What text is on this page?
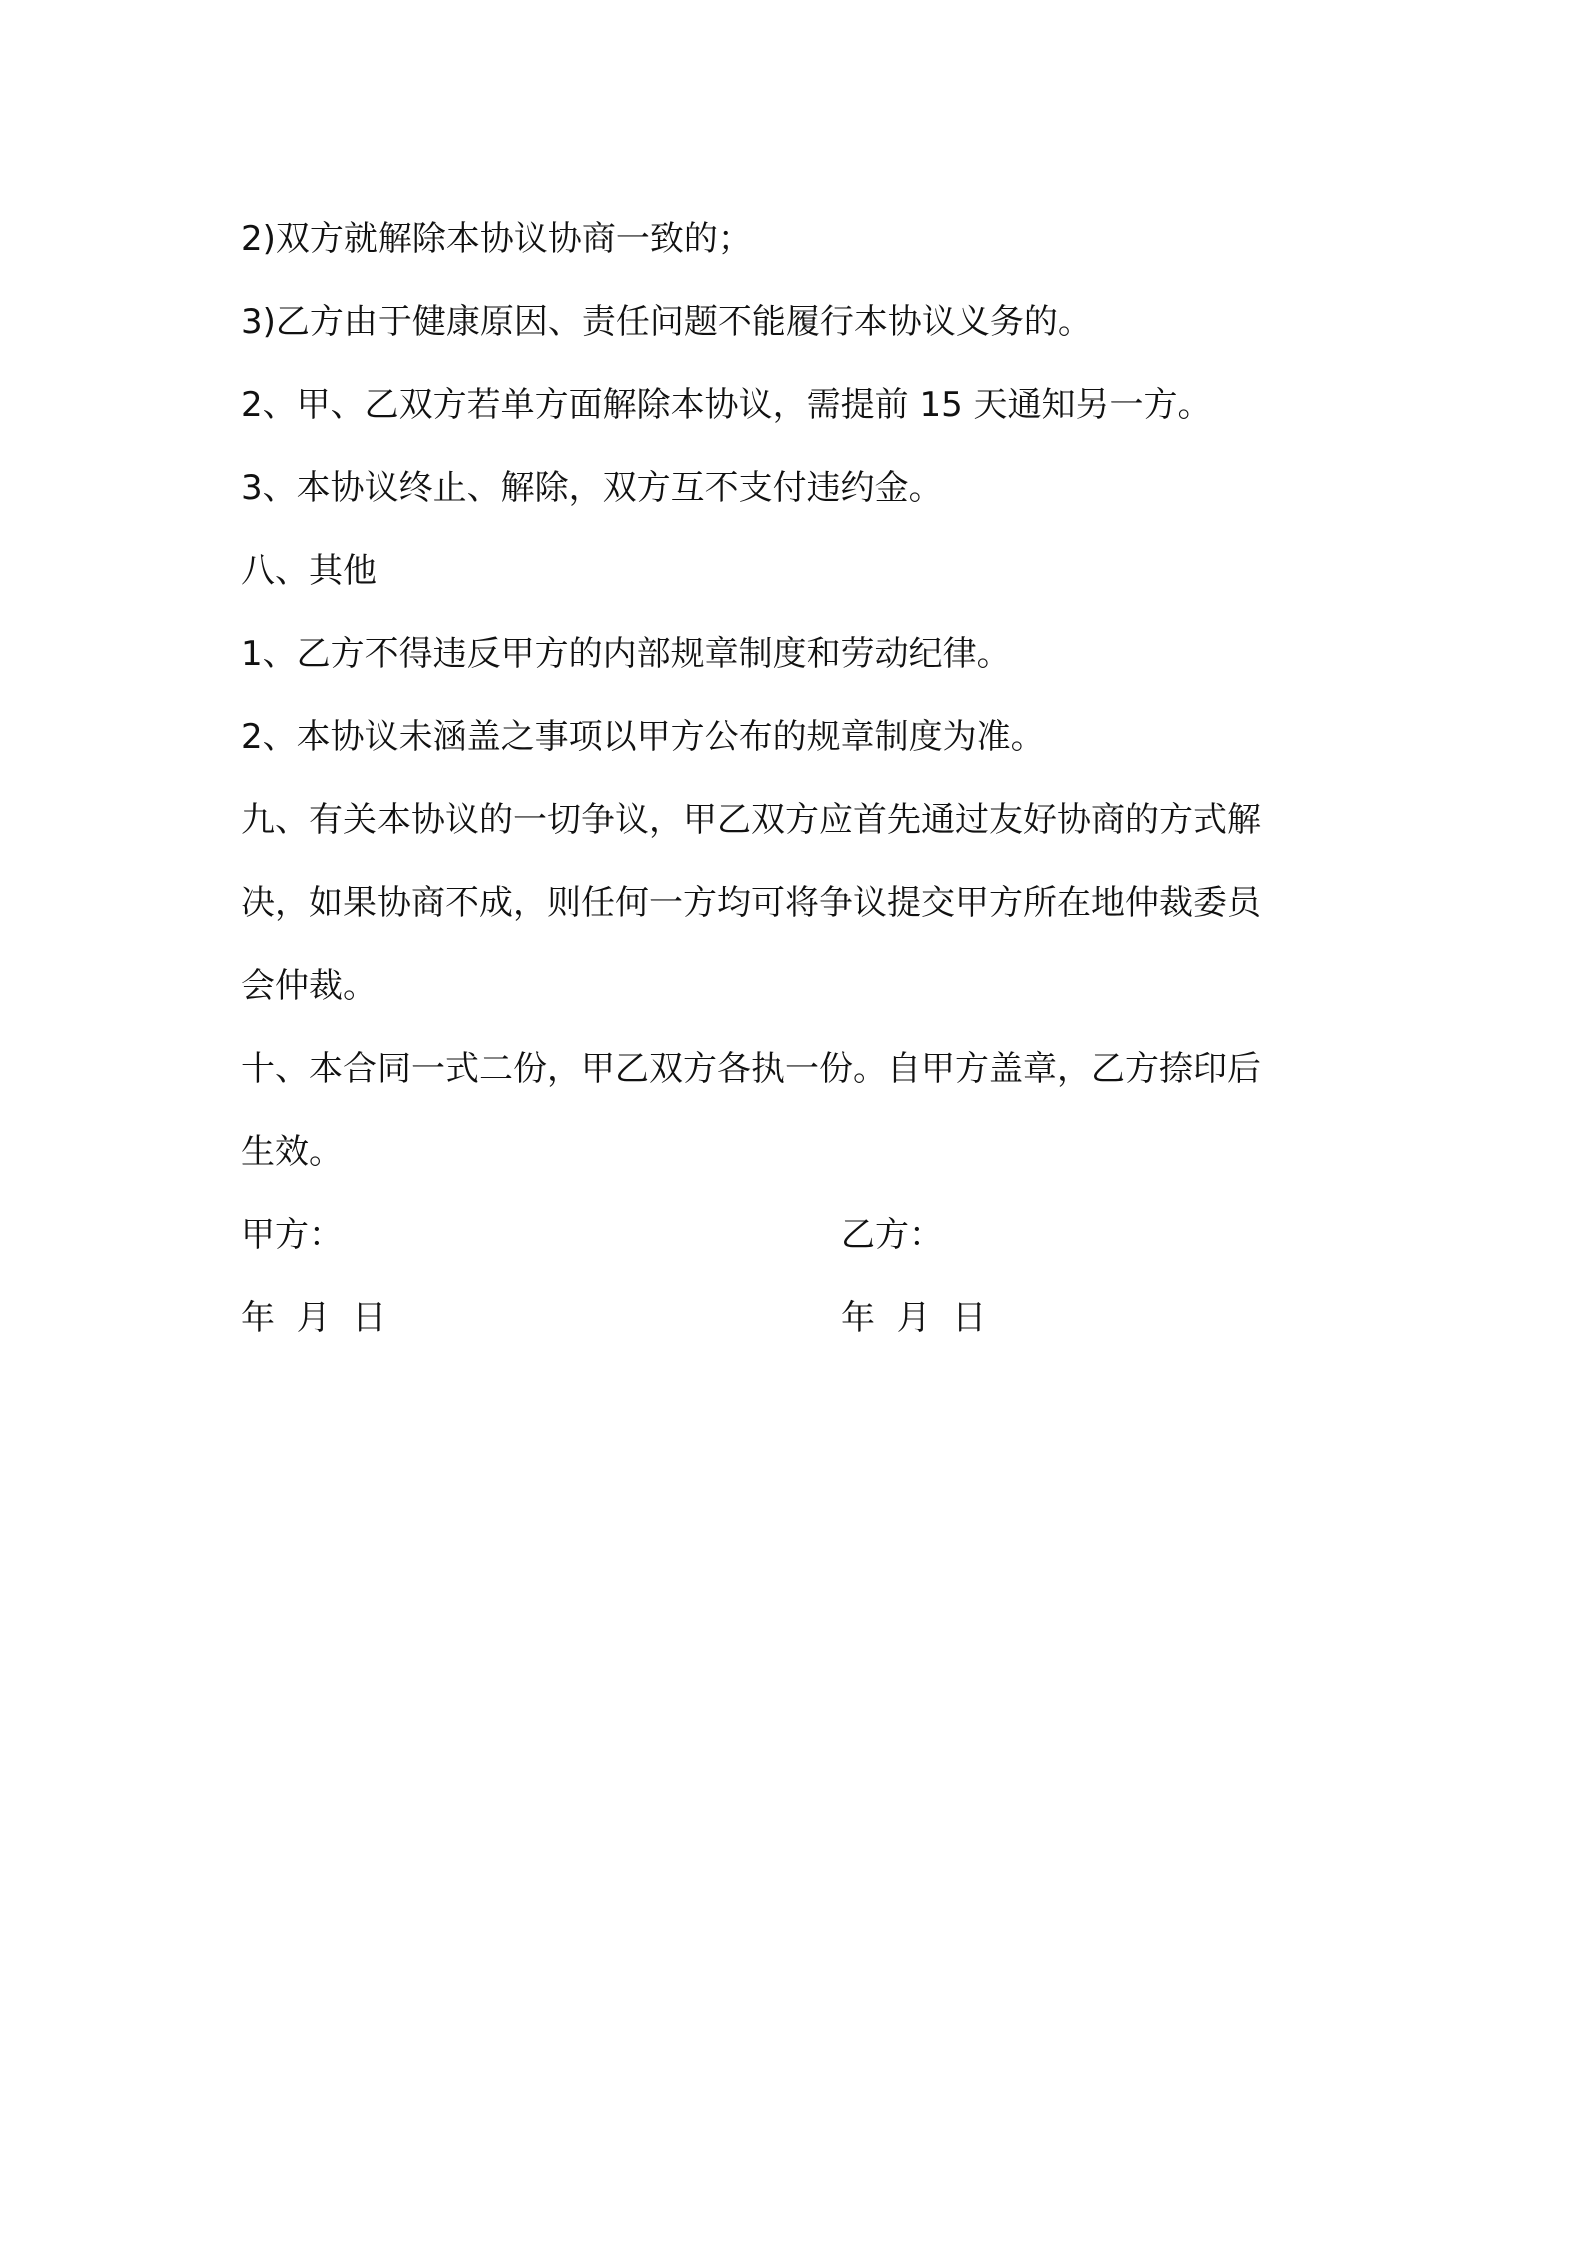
2)双方就解除本协议协商一致的；
3)乙方由于健康原因、责任问题不能履行本协议义务的。
2、甲、乙双方若单方面解除本协议，需提前 15 天通知另一方。
3、本协议终止、解除，双方互不支付违约金。
八、其他
1、乙方不得违反甲方的内部规章制度和劳动纪律。
2、本协议未涵盖之事项以甲方公布的规章制度为准。
九、有关本协议的一切争议，甲乙双方应首先通过友好协商的方式解
决，如果协商不成，则任何一方均可将争议提交甲方所在地仲裁委员
会仲裁。
十、本合同一式二份，甲乙双方各执一份。自甲方盖章，乙方捺印后
生效。
甲方：	乙方：
年  月  日	年  月  日
